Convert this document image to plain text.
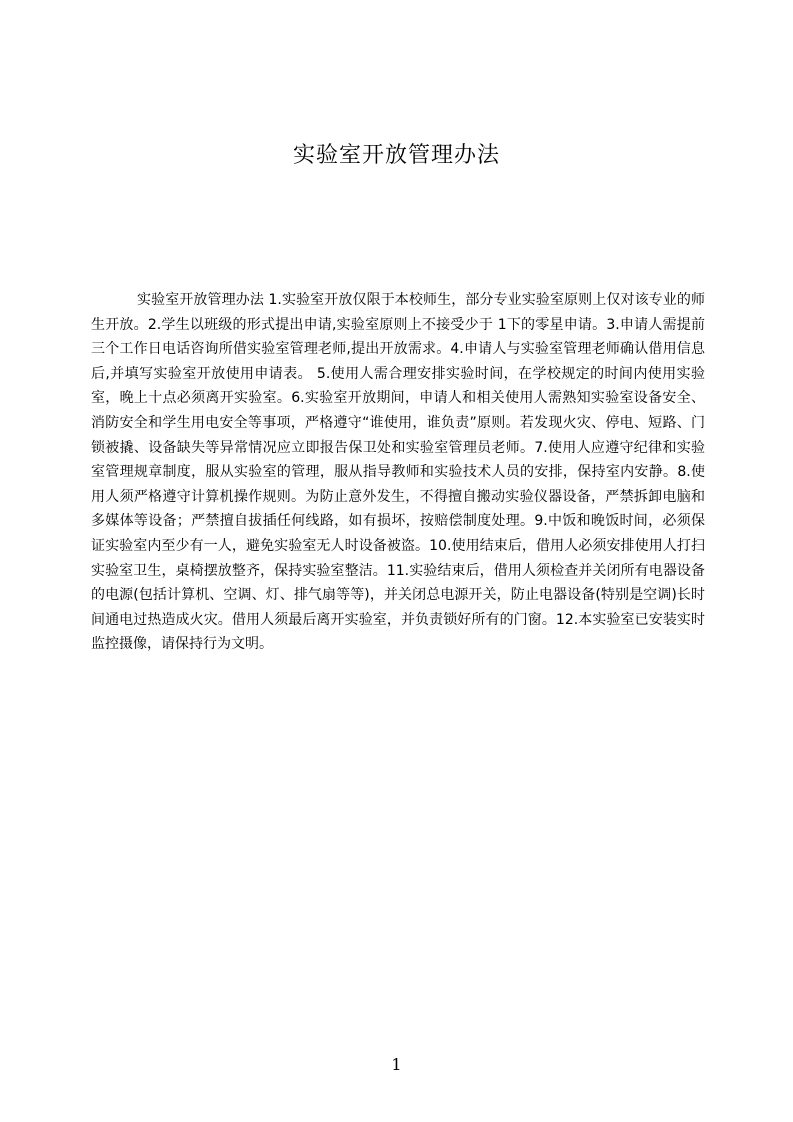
实验室开放管理办法

实验室开放管理办法 1.实验室开放仅限于本校师生，部分专业实验室原则上仅对该专业的师生开放。2.学生以班级的形式提出申请,实验室原则上不接受少于 1下的零星申请。3.申请人需提前三个工作日电话咨询所借实验室管理老师,提出开放需求。4.申请人与实验室管理老师确认借用信息后,并填写实验室开放使用申请表。 5.使用人需合理安排实验时间，在学校规定的时间内使用实验室，晚上十点必须离开实验室。6.实验室开放期间，申请人和相关使用人需熟知实验室设备安全、消防安全和学生用电安全等事项，严格遵守“谁使用，谁负责”原则。若发现火灾、停电、短路、门锁被撬、设备缺失等异常情况应立即报告保卫处和实验室管理员老师。7.使用人应遵守纪律和实验室管理规章制度，服从实验室的管理，服从指导教师和实验技术人员的安排，保持室内安静。8.使用人须严格遵守计算机操作规则。为防止意外发生，不得擅自搬动实验仪器设备，严禁拆卸电脑和多媒体等设备；严禁擅自拔插任何线路，如有损坏，按赔偿制度处理。9.中饭和晚饭时间，必须保证实验室内至少有一人，避免实验室无人时设备被盗。10.使用结束后，借用人必须安排使用人打扫实验室卫生，桌椅摆放整齐，保持实验室整洁。11.实验结束后，借用人须检查并关闭所有电器设备的电源(包括计算机、空调、灯、排气扇等等)，并关闭总电源开关，防止电器设备(特别是空调)长时间通电过热造成火灾。借用人须最后离开实验室，并负责锁好所有的门窗。12.本实验室已安装实时监控摄像，请保持行为文明。

1
